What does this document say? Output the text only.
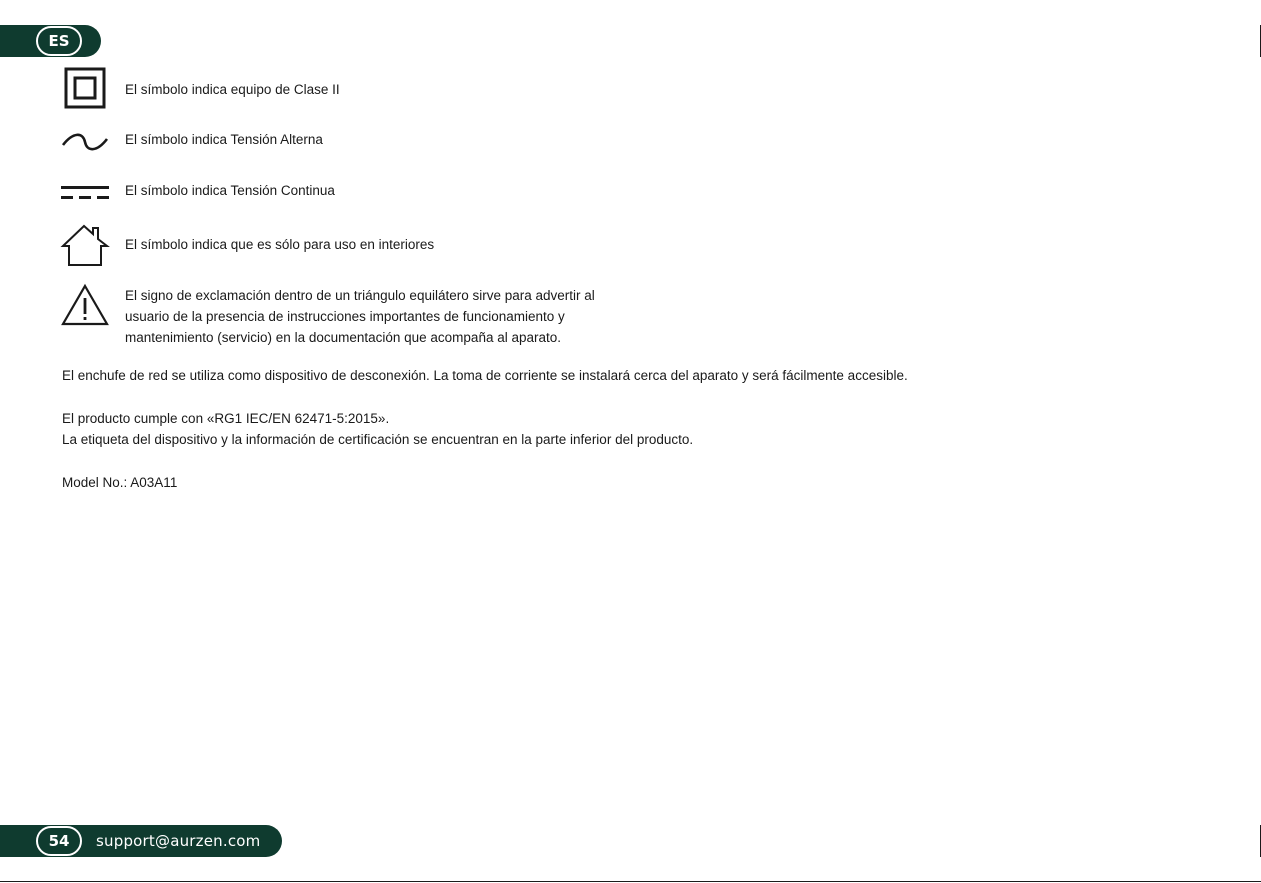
ES
El símbolo indica equipo de Clase II
El símbolo indica Tensión Alterna
El símbolo indica Tensión Continua
El símbolo indica que es sólo para uso en interiores
El signo de exclamación dentro de un triángulo equilátero sirve para advertir al
usuario de la presencia de instrucciones importantes de funcionamiento y
mantenimiento (servicio) en la documentación que acompaña al aparato.
El enchufe de red se utiliza como dispositivo de desconexión. La toma de corriente se instalará cerca del aparato y será fácilmente accesible.
El producto cumple con «RG1 IEC/EN 62471-5:2015».
La etiqueta del dispositivo y la información de certificación se encuentran en la parte inferior del producto.
Model No.: A03A11
54	support@aurzen.com
